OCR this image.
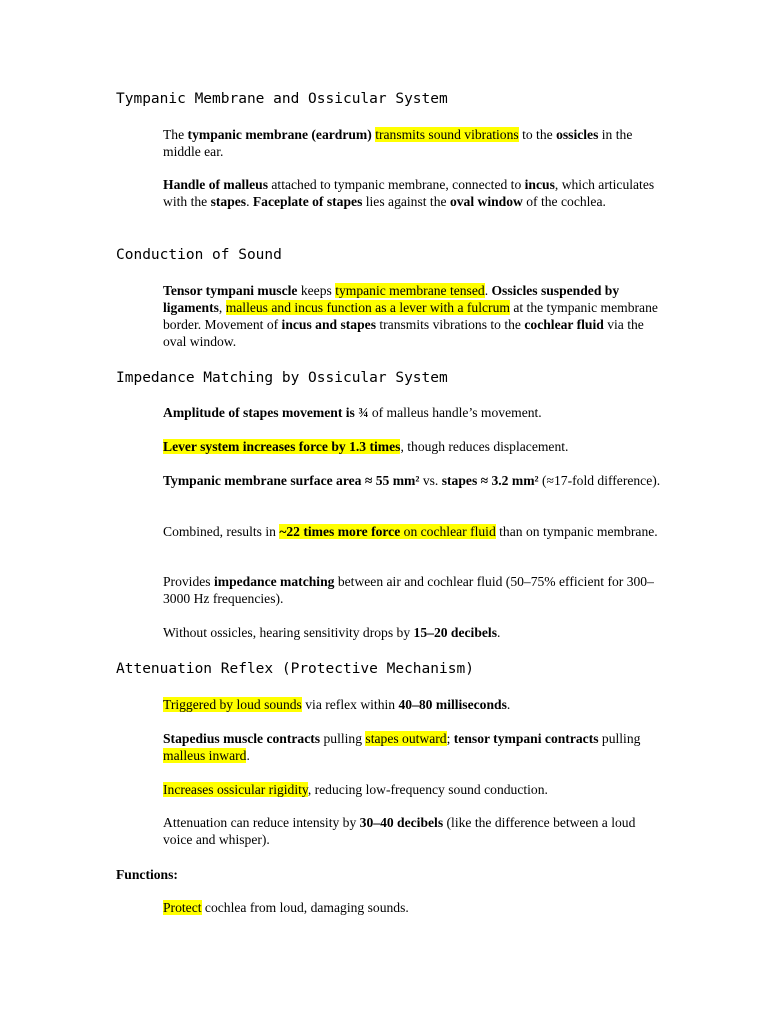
Tympanic Membrane and Ossicular System
The tympanic membrane (eardrum) transmits sound vibrations to the ossicles in the middle ear.
Handle of malleus attached to tympanic membrane, connected to incus, which articulates with the stapes. Faceplate of stapes lies against the oval window of the cochlea.
Conduction of Sound
Tensor tympani muscle keeps tympanic membrane tensed. Ossicles suspended by ligaments, malleus and incus function as a lever with a fulcrum at the tympanic membrane border. Movement of incus and stapes transmits vibrations to the cochlear fluid via the oval window.
Impedance Matching by Ossicular System
Amplitude of stapes movement is ¾ of malleus handle’s movement.
Lever system increases force by 1.3 times, though reduces displacement.
Tympanic membrane surface area ≈ 55 mm² vs. stapes ≈ 3.2 mm² (≈17-fold difference).
Combined, results in ~22 times more force on cochlear fluid than on tympanic membrane.
Provides impedance matching between air and cochlear fluid (50–75% efficient for 300–3000 Hz frequencies).
Without ossicles, hearing sensitivity drops by 15–20 decibels.
Attenuation Reflex (Protective Mechanism)
Triggered by loud sounds via reflex within 40–80 milliseconds.
Stapedius muscle contracts pulling stapes outward; tensor tympani contracts pulling malleus inward.
Increases ossicular rigidity, reducing low-frequency sound conduction.
Attenuation can reduce intensity by 30–40 decibels (like the difference between a loud voice and whisper).
Functions:
Protect cochlea from loud, damaging sounds.
